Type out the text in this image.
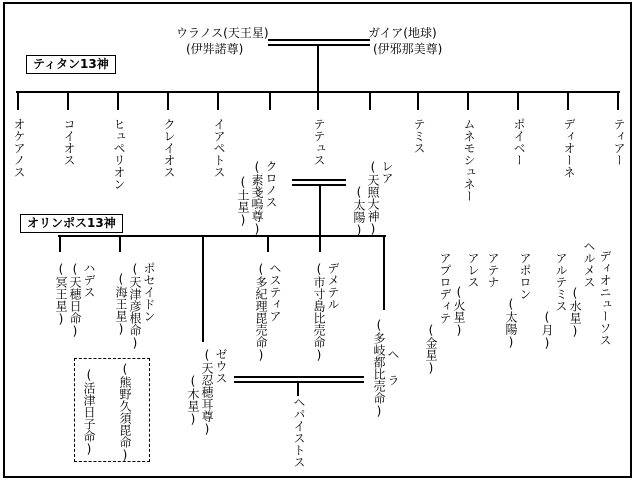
ウラノス(天王星)
(伊弉諾尊)
ガイア(地球)
(伊邪那美尊)
ティタン13神
オケアノス	コイオス	ヒュペリオン	クレイオス	イアペトス	テテュス	テミス	ムネモシュネー	ポイベー	ディオーネ	ティアー
クロノス
(素戔嗚尊)
(土星)
レア
(天照大神)
(太陽)
オリンポス13神
ハデス
(天穂日命)
(冥王星)	ポセイドン
(天津彦根命)
(海王星)	ヘスティア
(多紀理毘売命)	デメテル
(市寸島比売命)
ヘ ラ
(多岐都比売命)
ゼウス
(天忍穂耳尊)
(木星)	ヘパイストス
(活津日子命) (熊野久須毘命)
アプロディテ
(金星)
アレス
(火星)
アテナ アポロン
(太陽)
アルテミス
(月)
ヘルメス
(水星) ディオニューソス
